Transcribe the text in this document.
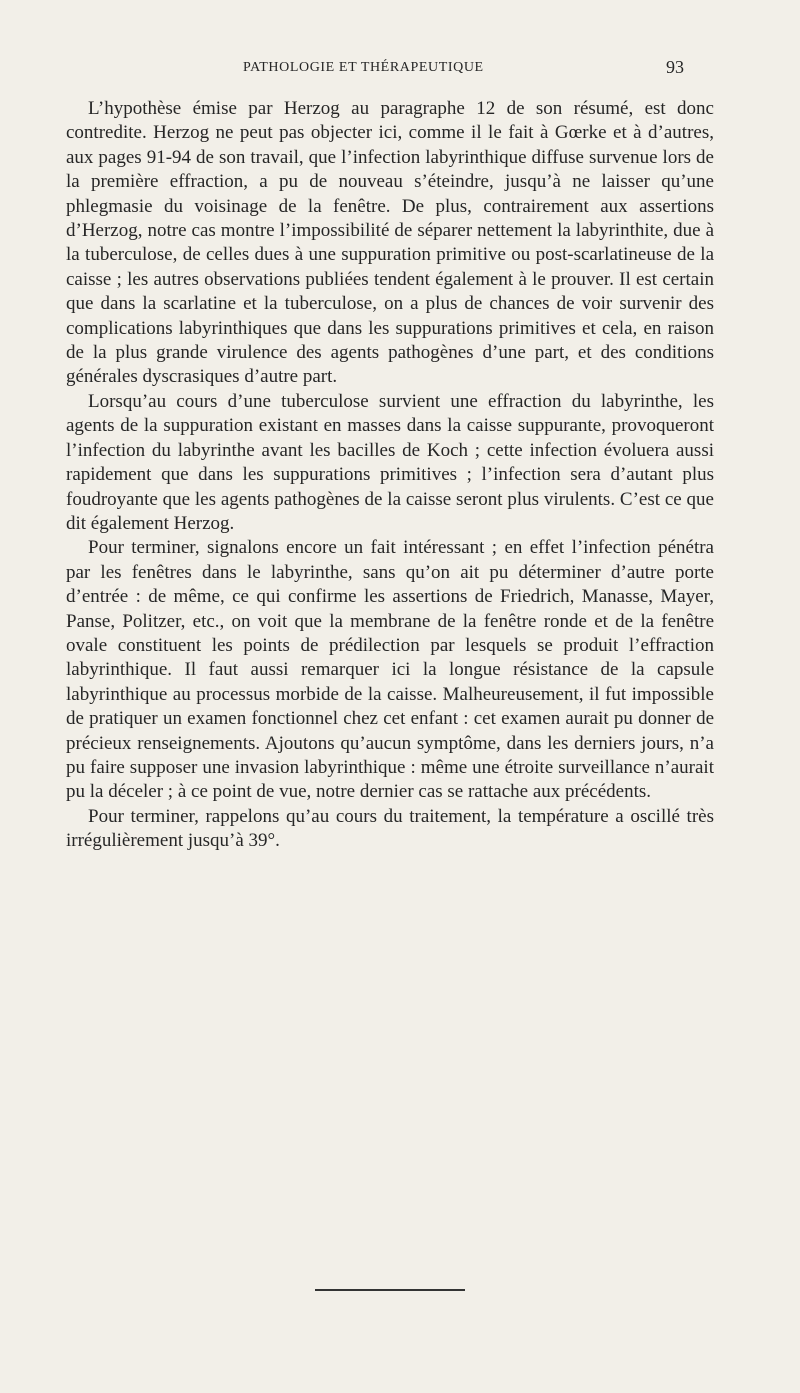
PATHOLOGIE ET THÉRAPEUTIQUE	93

L’hypothèse émise par Herzog au paragraphe 12 de son résumé, est donc contredite. Herzog ne peut pas objecter ici, comme il le fait à Gœrke et à d’autres, aux pages 91-94 de son travail, que l’infection labyrinthique diffuse survenue lors de la première effraction, a pu de nouveau s’éteindre, jusqu’à ne laisser qu’une phlegmasie du voisinage de la fenêtre. De plus, contrairement aux assertions d’Herzog, notre cas montre l’impossibilité de séparer nettement la labyrinthite, due à la tuberculose, de celles dues à une suppuration primitive ou post-scarlatineuse de la caisse ; les autres observations publiées tendent également à le prouver. Il est certain que dans la scarlatine et la tuberculose, on a plus de chances de voir survenir des complications labyrinthiques que dans les suppurations primitives et cela, en raison de la plus grande virulence des agents pathogènes d’une part, et des conditions générales dyscrasiques d’autre part.

Lorsqu’au cours d’une tuberculose survient une effraction du labyrinthe, les agents de la suppuration existant en masses dans la caisse suppurante, provoqueront l’infection du labyrinthe avant les bacilles de Koch ; cette infection évoluera aussi rapidement que dans les suppurations primitives ; l’infection sera d’autant plus foudroyante que les agents pathogènes de la caisse seront plus virulents. C’est ce que dit également Herzog.

Pour terminer, signalons encore un fait intéressant ; en effet l’infection pénétra par les fenêtres dans le labyrinthe, sans qu’on ait pu déterminer d’autre porte d’entrée : de même, ce qui confirme les assertions de Friedrich, Manasse, Mayer, Panse, Politzer, etc., on voit que la membrane de la fenêtre ronde et de la fenêtre ovale constituent les points de prédilection par lesquels se produit l’effraction labyrinthique. Il faut aussi remarquer ici la longue résistance de la capsule labyrinthique au processus morbide de la caisse. Malheureusement, il fut impossible de pratiquer un examen fonctionnel chez cet enfant : cet examen aurait pu donner de précieux renseignements. Ajoutons qu’aucun symptôme, dans les derniers jours, n’a pu faire supposer une invasion labyrinthique : même une étroite surveillance n’aurait pu la déceler ; à ce point de vue, notre dernier cas se rattache aux précédents.

Pour terminer, rappelons qu’au cours du traitement, la température a oscillé très irrégulièrement jusqu’à 39°.
